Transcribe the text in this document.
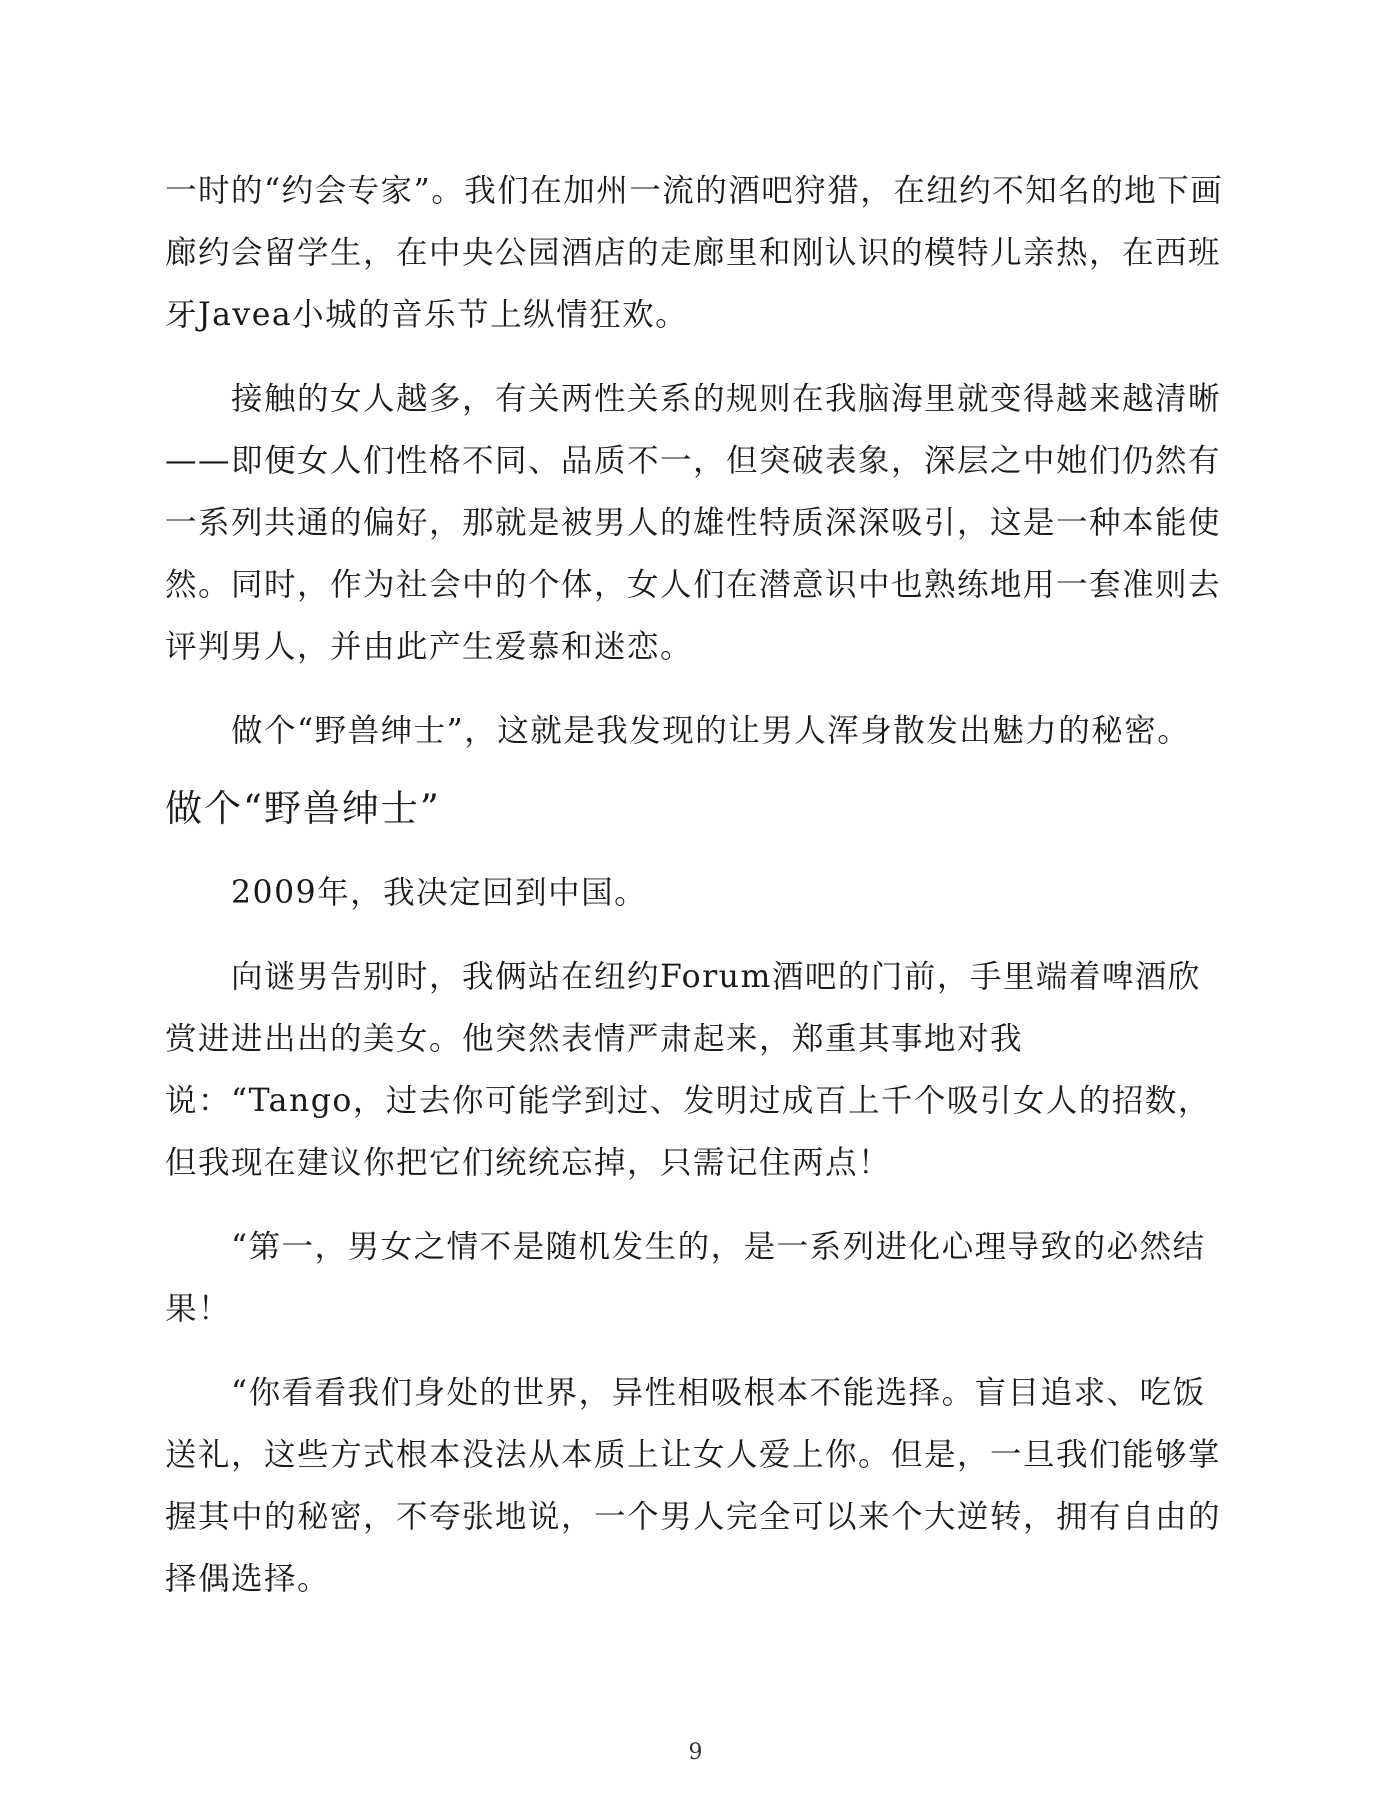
一时的“约会专家”。我们在加州一流的酒吧狩猎，在纽约不知名的地下画廊约会留学生，在中央公园酒店的走廊里和刚认识的模特儿亲热，在西班牙Javea小城的音乐节上纵情狂欢。

接触的女人越多，有关两性关系的规则在我脑海里就变得越来越清晰——即便女人们性格不同、品质不一，但突破表象，深层之中她们仍然有一系列共通的偏好，那就是被男人的雄性特质深深吸引，这是一种本能使然。同时，作为社会中的个体，女人们在潜意识中也熟练地用一套准则去评判男人，并由此产生爱慕和迷恋。

做个“野兽绅士”，这就是我发现的让男人浑身散发出魅力的秘密。

做个“野兽绅士”

2009年，我决定回到中国。

向谜男告别时，我俩站在纽约Forum酒吧的门前，手里端着啤酒欣赏进进出出的美女。他突然表情严肃起来，郑重其事地对我说：“Tango，过去你可能学到过、发明过成百上千个吸引女人的招数，但我现在建议你把它们统统忘掉，只需记住两点！

“第一，男女之情不是随机发生的，是一系列进化心理导致的必然结果！

“你看看我们身处的世界，异性相吸根本不能选择。盲目追求、吃饭送礼，这些方式根本没法从本质上让女人爱上你。但是，一旦我们能够掌握其中的秘密，不夸张地说，一个男人完全可以来个大逆转，拥有自由的择偶选择。

9
